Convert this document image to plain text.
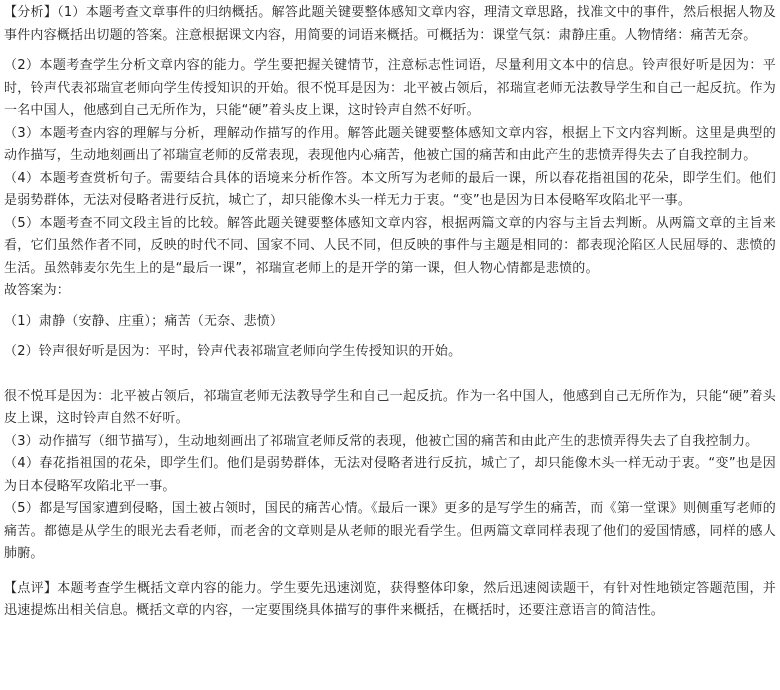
【分析】（1）本题考查文章事件的归纳概括。解答此题关键要整体感知文章内容，理清文章思路，找准文中的事件，然后根据人物及事件内容概括出切题的答案。注意根据课文内容，用简要的词语来概括。可概括为：课堂气氛：肃静庄重。人物情绪：痛苦无奈。

（2）本题考查学生分析文章内容的能力。学生要把握关键情节，注意标志性词语，尽量利用文本中的信息。铃声很好听是因为：平时，铃声代表祁瑞宣老师向学生传授知识的开始。很不悦耳是因为：北平被占领后，祁瑞宣老师无法教导学生和自己一起反抗。作为一名中国人，他感到自己无所作为，只能“硬”着头皮上课，这时铃声自然不好听。

（3）本题考查内容的理解与分析，理解动作描写的作用。解答此题关键要整体感知文章内容，根据上下文内容判断。这里是典型的动作描写，生动地刻画出了祁瑞宣老师的反常表现，表现他内心痛苦，他被亡国的痛苦和由此产生的悲愤弄得失去了自我控制力。

（4）本题考查赏析句子。需要结合具体的语境来分析作答。本文所写为老师的最后一课，所以春花指祖国的花朵，即学生们。他们是弱势群体，无法对侵略者进行反抗，城亡了，却只能像木头一样无力于衷。“变”也是因为日本侵略军攻陷北平一事。

（5）本题考查不同文段主旨的比较。解答此题关键要整体感知文章内容，根据两篇文章的内容与主旨去判断。从两篇文章的主旨来看，它们虽然作者不同，反映的时代不同、国家不同、人民不同，但反映的事件与主题是相同的：都表现沦陷区人民屈辱的、悲愤的生活。虽然韩麦尔先生上的是“最后一课”，祁瑞宣老师上的是开学的第一课，但人物心情都是悲愤的。

故答案为：

（1）肃静（安静、庄重）；痛苦（无奈、悲愤）

（2）铃声很好听是因为：平时，铃声代表祁瑞宣老师向学生传授知识的开始。

很不悦耳是因为：北平被占领后，祁瑞宣老师无法教导学生和自己一起反抗。作为一名中国人，他感到自己无所作为，只能“硬”着头皮上课，这时铃声自然不好听。

（3）动作描写（细节描写），生动地刻画出了祁瑞宣老师反常的表现，他被亡国的痛苦和由此产生的悲愤弄得失去了自我控制力。

（4）春花指祖国的花朵，即学生们。他们是弱势群体，无法对侵略者进行反抗，城亡了，却只能像木头一样无动于衷。“变”也是因为日本侵略军攻陷北平一事。

（5）都是写国家遭到侵略，国土被占领时，国民的痛苦心情。《最后一课》更多的是写学生的痛苦，而《第一堂课》则侧重写老师的痛苦。都德是从学生的眼光去看老师，而老舍的文章则是从老师的眼光看学生。但两篇文章同样表现了他们的爱国情感，同样的感人肺腑。

【点评】本题考查学生概括文章内容的能力。学生要先迅速浏览，获得整体印象，然后迅速阅读题干，有针对性地锁定答题范围，并迅速提炼出相关信息。概括文章的内容，一定要围绕具体描写的事件来概括，在概括时，还要注意语言的简洁性。
